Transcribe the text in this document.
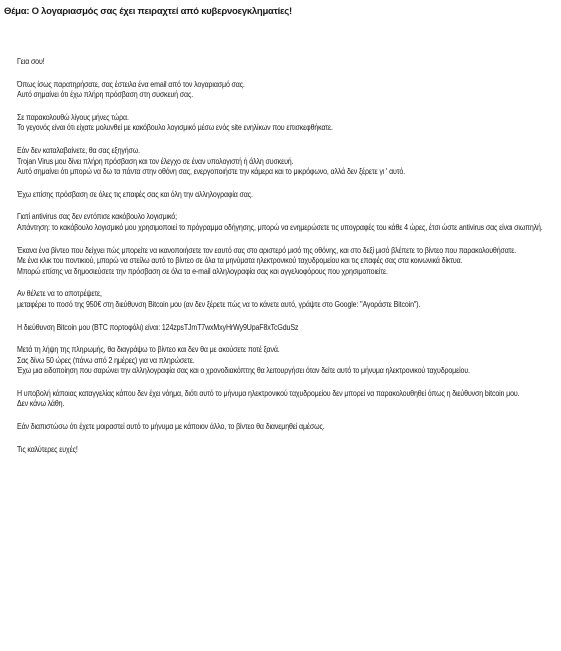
Θέμα: Ο λογαριασμός σας έχει πειραχτεί από κυβερνοεγκληματίες!

Γεια σου!

Όπως ίσως παρατηρήσατε, σας έστειλα ένα email από τον λογαριασμό σας.
Αυτό σημαίνει ότι έχω πλήρη πρόσβαση στη συσκευή σας.

Σε παρακολουθώ λίγους μήνες τώρα.
Το γεγονός είναι ότι είχατε μολυνθεί με κακόβουλο λογισμικό μέσω ενός site ενηλίκων που επισκεφθήκατε.

Εάν δεν καταλαβαίνετε, θα σας εξηγήσω.
Trojan Virus μου δίνει πλήρη πρόσβαση και τον έλεγχο σε έναν υπολογιστή ή άλλη συσκευή.
Αυτό σημαίνει ότι μπορώ να δω τα πάντα στην οθόνη σας, ενεργοποιήστε την κάμερα και το μικρόφωνο, αλλά δεν ξέρετε γι ' αυτό.

Έχω επίσης πρόσβαση σε όλες τις επαφές σας και όλη την αλληλογραφία σας.

Γιατί antivirus σας δεν εντόπισε κακόβουλο λογισμικό;
Απάντηση: το κακόβουλο λογισμικό μου χρησιμοποιεί το πρόγραμμα οδήγησης, μπορώ να ενημερώσετε τις υπογραφές του κάθε 4 ώρες, έτσι ώστε antivirus σας είναι σιωπηλή.

Έκανα ένα βίντεο που δείχνει πώς μπορείτε να ικανοποιήσετε τον εαυτό σας στο αριστερό μισό της οθόνης, και στο δεξί μισό βλέπετε το βίντεο που παρακολουθήσατε.
Με ένα κλικ του ποντικιού, μπορώ να στείλω αυτό το βίντεο σε όλα τα μηνύματα ηλεκτρονικού ταχυδρομείου και τις επαφές σας στα κοινωνικά δίκτυα.
Μπορώ επίσης να δημοσιεύσετε την πρόσβαση σε όλα τα e-mail αλληλογραφία σας και αγγελιοφόρους που χρησιμοποιείτε.

Αν θέλετε να το αποτρέψετε,
μεταφέρει το ποσό της 950€ στη διεύθυνση Bitcoin μου (αν δεν ξέρετε πώς να το κάνετε αυτό, γράψτε στο Google: "Αγοράστε Bitcoin").

Η διεύθυνση Bitcoin μου (BTC πορτοφόλι) είναι: 124zpsTJmT7wxMxyHrWy9UpaF8xTcGduSz

Μετά τη λήψη της πληρωμής, θα διαγράψω το βίντεο και δεν θα με ακούσετε ποτέ ξανά.
Σας δίνω 50 ώρες (πάνω από 2 ημέρες) για να πληρώσετε.
Έχω μια ειδοποίηση που σαρώνει την αλληλογραφία σας και ο χρονοδιακόπτης θα λειτουργήσει όταν δείτε αυτό το μήνυμα ηλεκτρονικού ταχυδρομείου.

Η υποβολή κάποιας καταγγελίας κάπου δεν έχει νόημα, διότι αυτό το μήνυμα ηλεκτρονικού ταχυδρομείου δεν μπορεί να παρακολουθηθεί όπως η διεύθυνση bitcoin μου.
Δεν κάνω λάθη.

Εάν διαπιστώσω ότι έχετε μοιραστεί αυτό το μήνυμα με κάποιον άλλο, το βίντεο θα διανεμηθεί αμέσως.

Τις καλύτερες ευχές!
